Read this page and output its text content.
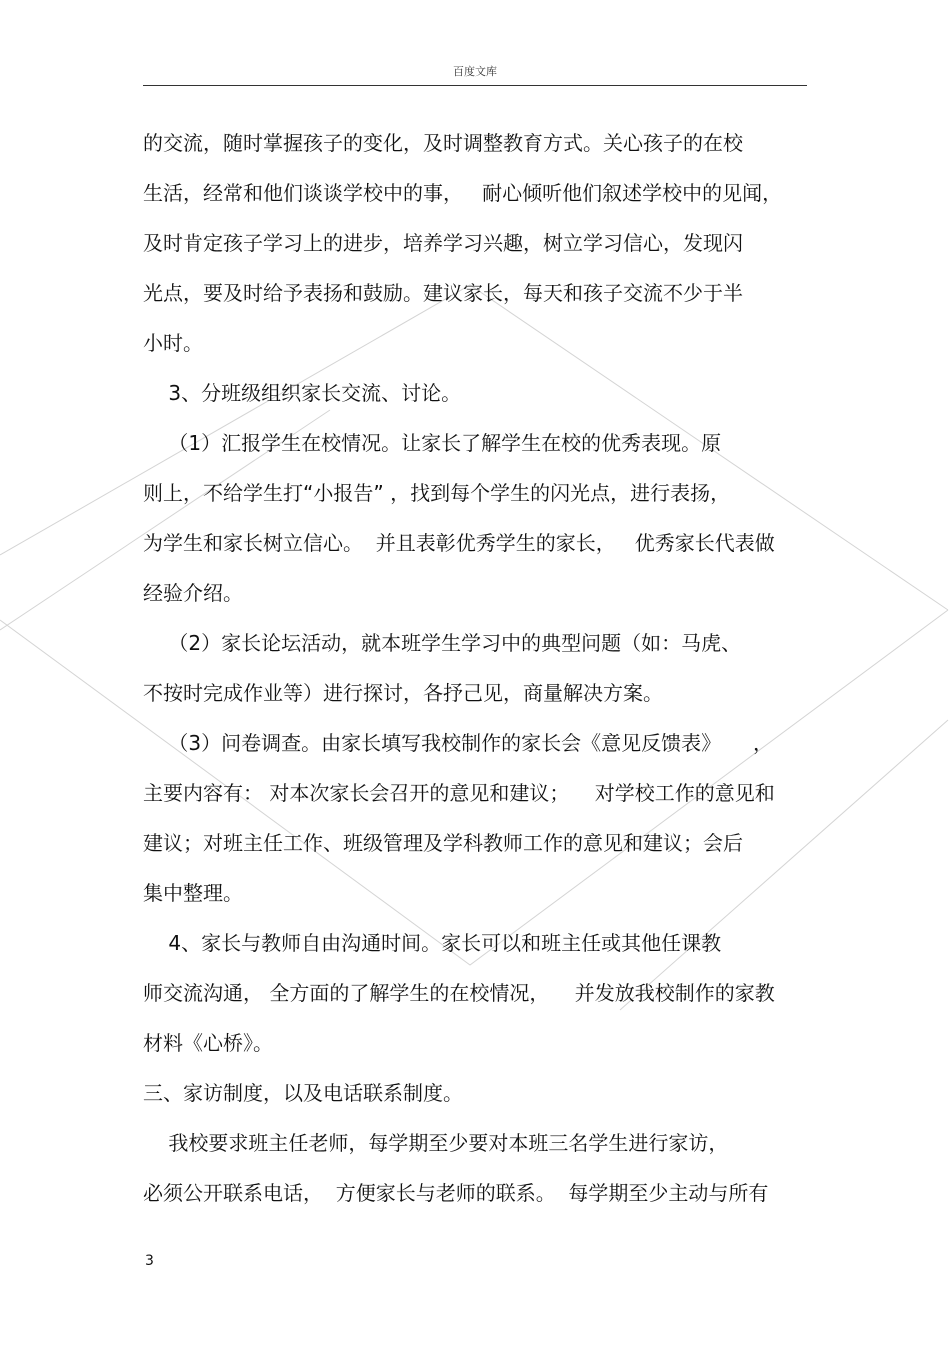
百度文库
的交流，随时掌握孩子的变化，及时调整教育方式。关心孩子的在校
生活，经常和他们谈谈学校中的事，   耐心倾听他们叙述学校中的见闻，
及时肯定孩子学习上的进步，培养学习兴趣，树立学习信心，发现闪
光点，要及时给予表扬和鼓励。建议家长，每天和孩子交流不少于半
小时。
3、分班级组织家长交流、讨论。
（1）汇报学生在校情况。让家长了解学生在校的优秀表现。原
则上，不给学生打“小报告” ，找到每个学生的闪光点，进行表扬，
为学生和家长树立信心。  并且表彰优秀学生的家长，   优秀家长代表做
经验介绍。
（2）家长论坛活动，就本班学生学习中的典型问题（如：马虎、
不按时完成作业等）进行探讨，各抒己见，商量解决方案。
（3）问卷调查。由家长填写我校制作的家长会《意见反馈表》     ，
主要内容有： 对本次家长会召开的意见和建议；    对学校工作的意见和
建议；对班主任工作、班级管理及学科教师工作的意见和建议；会后
集中整理。
4、家长与教师自由沟通时间。家长可以和班主任或其他任课教
师交流沟通， 全方面的了解学生的在校情况，    并发放我校制作的家教
材料《心桥》。
三、家访制度，以及电话联系制度。
我校要求班主任老师，每学期至少要对本班三名学生进行家访，
必须公开联系电话，  方便家长与老师的联系。  每学期至少主动与所有
3
